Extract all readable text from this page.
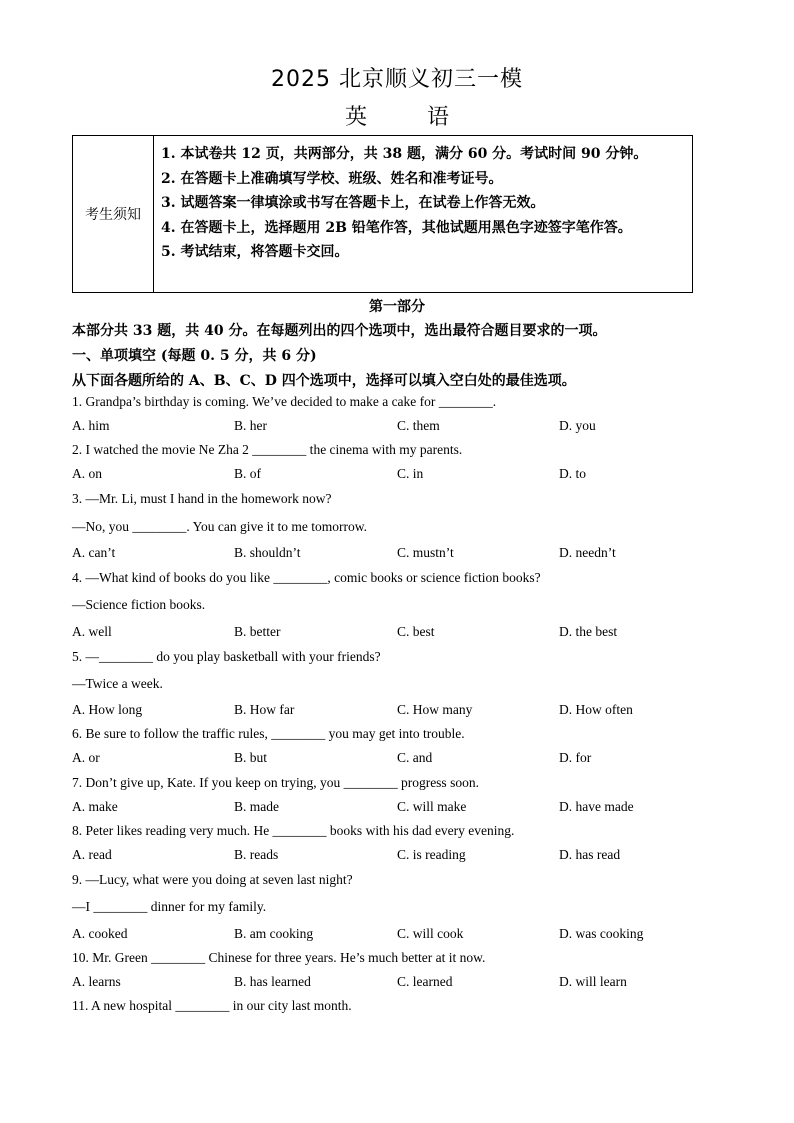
2025 北京顺义初三一模
英	语
考生须知
1. 本试卷共 12 页，共两部分，共 38 题，满分 60 分。考试时间 90 分钟。
2. 在答题卡上准确填写学校、班级、姓名和准考证号。
3. 试题答案一律填涂或书写在答题卡上，在试卷上作答无效。
4. 在答题卡上，选择题用 2B 铅笔作答，其他试题用黑色字迹签字笔作答。
5. 考试结束，将答题卡交回。
第一部分
本部分共 33 题，共 40 分。在每题列出的四个选项中，选出最符合题目要求的一项。
一、单项填空 (每题 0. 5 分，共 6 分)
从下面各题所给的 A、B、C、D 四个选项中，选择可以填入空白处的最佳选项。
1. Grandpa’s birthday is coming. We’ve decided to make a cake for ________.
A. him	B. her	C. them	D. you
2. I watched the movie Ne Zha 2 ________ the cinema with my parents.
A. on	B. of	C. in	D. to
3. —Mr. Li, must I hand in the homework now?
—No, you ________. You can give it to me tomorrow.
A. can’t	B. shouldn’t	C. mustn’t	D. needn’t
4. —What kind of books do you like ________, comic books or science fiction books?
—Science fiction books.
A. well	B. better	C. best	D. the best
5. —________ do you play basketball with your friends?
—Twice a week.
A. How long	B. How far	C. How many	D. How often
6. Be sure to follow the traffic rules, ________ you may get into trouble.
A. or	B. but	C. and	D. for
7. Don’t give up, Kate. If you keep on trying, you ________ progress soon.
A. make	B. made	C. will make	D. have made
8. Peter likes reading very much. He ________ books with his dad every evening.
A. read	B. reads	C. is reading	D. has read
9. —Lucy, what were you doing at seven last night?
—I ________ dinner for my family.
A. cooked	B. am cooking	C. will cook	D. was cooking
10. Mr. Green ________ Chinese for three years. He’s much better at it now.
A. learns	B. has learned	C. learned	D. will learn
11. A new hospital ________ in our city last month.
